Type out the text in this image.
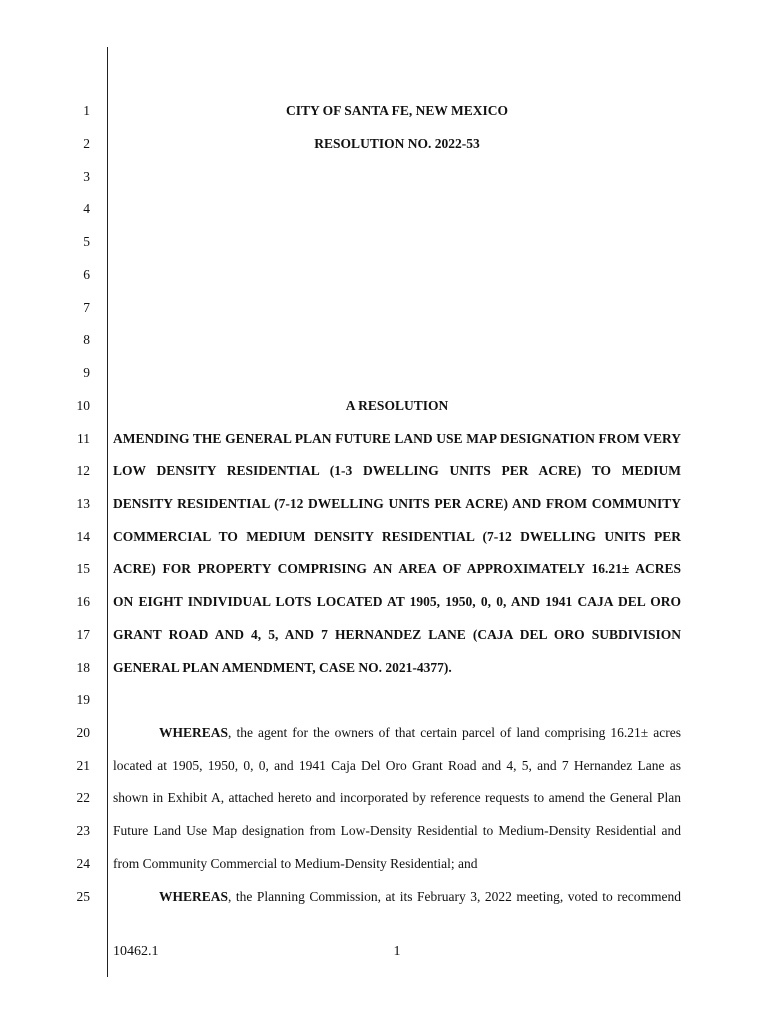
1
2
3
4
5
6
7
8
9
10
11
12
13
14
15
16
17
18
19
20
21
22
23
24
25
CITY OF SANTA FE, NEW MEXICO
RESOLUTION NO. 2022-53
A RESOLUTION
AMENDING THE GENERAL PLAN FUTURE LAND USE MAP DESIGNATION FROM VERY
LOW DENSITY RESIDENTIAL (1-3 DWELLING UNITS PER ACRE) TO MEDIUM
DENSITY RESIDENTIAL (7-12 DWELLING UNITS PER ACRE) AND FROM COMMUNITY
COMMERCIAL TO MEDIUM DENSITY RESIDENTIAL (7-12 DWELLING UNITS PER
ACRE) FOR PROPERTY COMPRISING AN AREA OF APPROXIMATELY 16.21± ACRES
ON EIGHT INDIVIDUAL LOTS LOCATED AT 1905, 1950, 0, 0, AND 1941 CAJA DEL ORO
GRANT ROAD AND 4, 5, AND 7 HERNANDEZ LANE (CAJA DEL ORO SUBDIVISION
GENERAL PLAN AMENDMENT, CASE NO. 2021-4377).
WHEREAS, the agent for the owners of that certain parcel of land comprising 16.21± acres
located at 1905, 1950, 0, 0, and 1941 Caja Del Oro Grant Road and 4, 5, and 7 Hernandez Lane as
shown in Exhibit A, attached hereto and incorporated by reference requests to amend the General Plan
Future Land Use Map designation from Low-Density Residential to Medium-Density Residential and
from Community Commercial to Medium-Density Residential; and
WHEREAS, the Planning Commission, at its February 3, 2022 meeting, voted to recommend
10462.1	1
